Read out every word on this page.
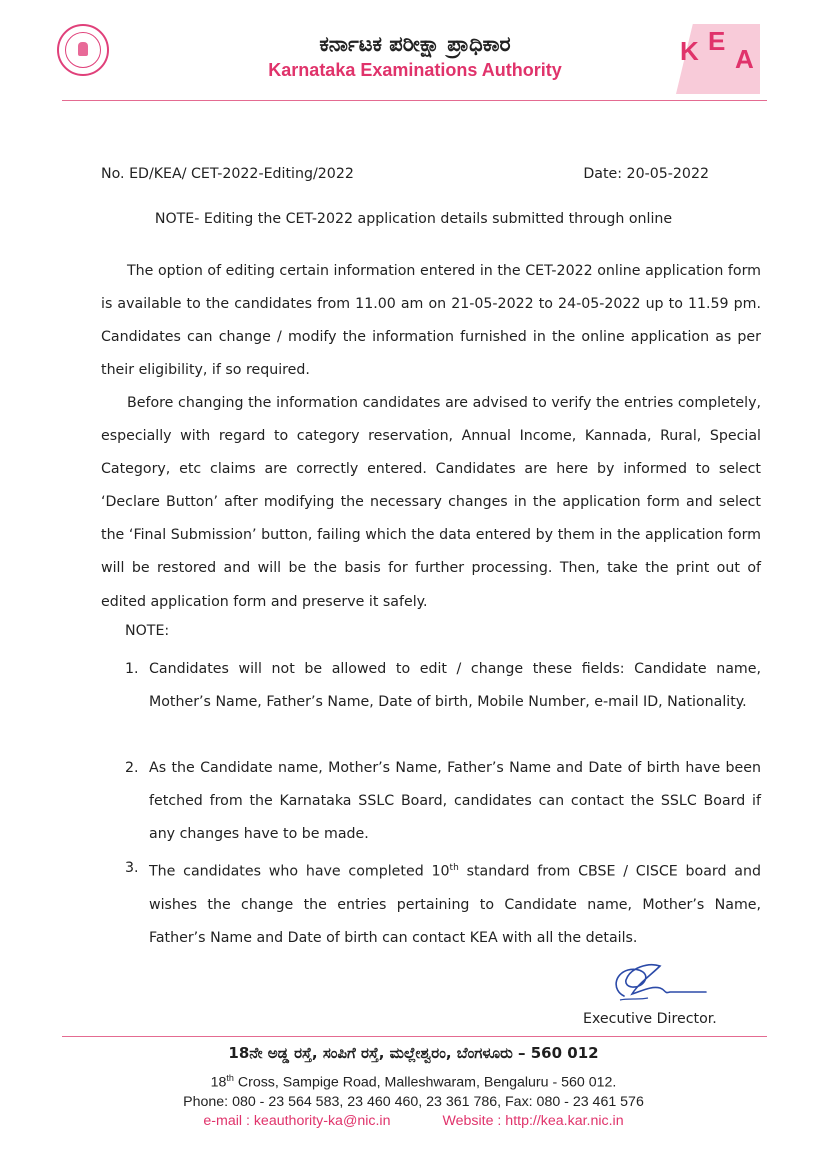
ಕರ್ನಾಟಕ ಪರೀಕ್ಷಾ ಪ್ರಾಧಿಕಾರ
Karnataka Examinations Authority
K E
A
No. ED/KEA/ CET-2022-Editing/2022	Date: 20-05-2022
NOTE- Editing the CET-2022 application details submitted through online
The option of editing certain information entered in the CET-2022 online application form is available to the candidates from 11.00 am on 21-05-2022 to 24-05-2022 up to 11.59 pm. Candidates can change / modify the information furnished in the online application as per their eligibility, if so required.
Before changing the information candidates are advised to verify the entries completely, especially with regard to category reservation, Annual Income, Kannada, Rural, Special Category, etc claims are correctly entered. Candidates are here by informed to select ‘Declare Button’ after modifying the necessary changes in the application form and select the ‘Final Submission’ button, failing which the data entered by them in the application form will be restored and will be the basis for further processing. Then, take the print out of edited application form and preserve it safely.
NOTE:
1. Candidates will not be allowed to edit / change these fields: Candidate name, Mother’s Name, Father’s Name, Date of birth, Mobile Number, e-mail ID, Nationality.
2. As the Candidate name, Mother’s Name, Father’s Name and Date of birth have been fetched from the Karnataka SSLC Board, candidates can contact the SSLC Board if any changes have to be made.
3. The candidates who have completed 10th standard from CBSE / CISCE board and wishes the change the entries pertaining to Candidate name, Mother’s Name, Father’s Name and Date of birth can contact KEA with all the details.
Executive Director.
18ನೇ ಅಡ್ಡ ರಸ್ತೆ, ಸಂಪಿಗೆ ರಸ್ತೆ, ಮಲ್ಲೇಶ್ವರಂ, ಬೆಂಗಳೂರು – 560 012
18th Cross, Sampige Road, Malleshwaram, Bengaluru - 560 012.
Phone: 080 - 23 564 583, 23 460 460, 23 361 786, Fax: 080 - 23 461 576
e-mail : keauthority-ka@nic.in	Website : http://kea.kar.nic.in
